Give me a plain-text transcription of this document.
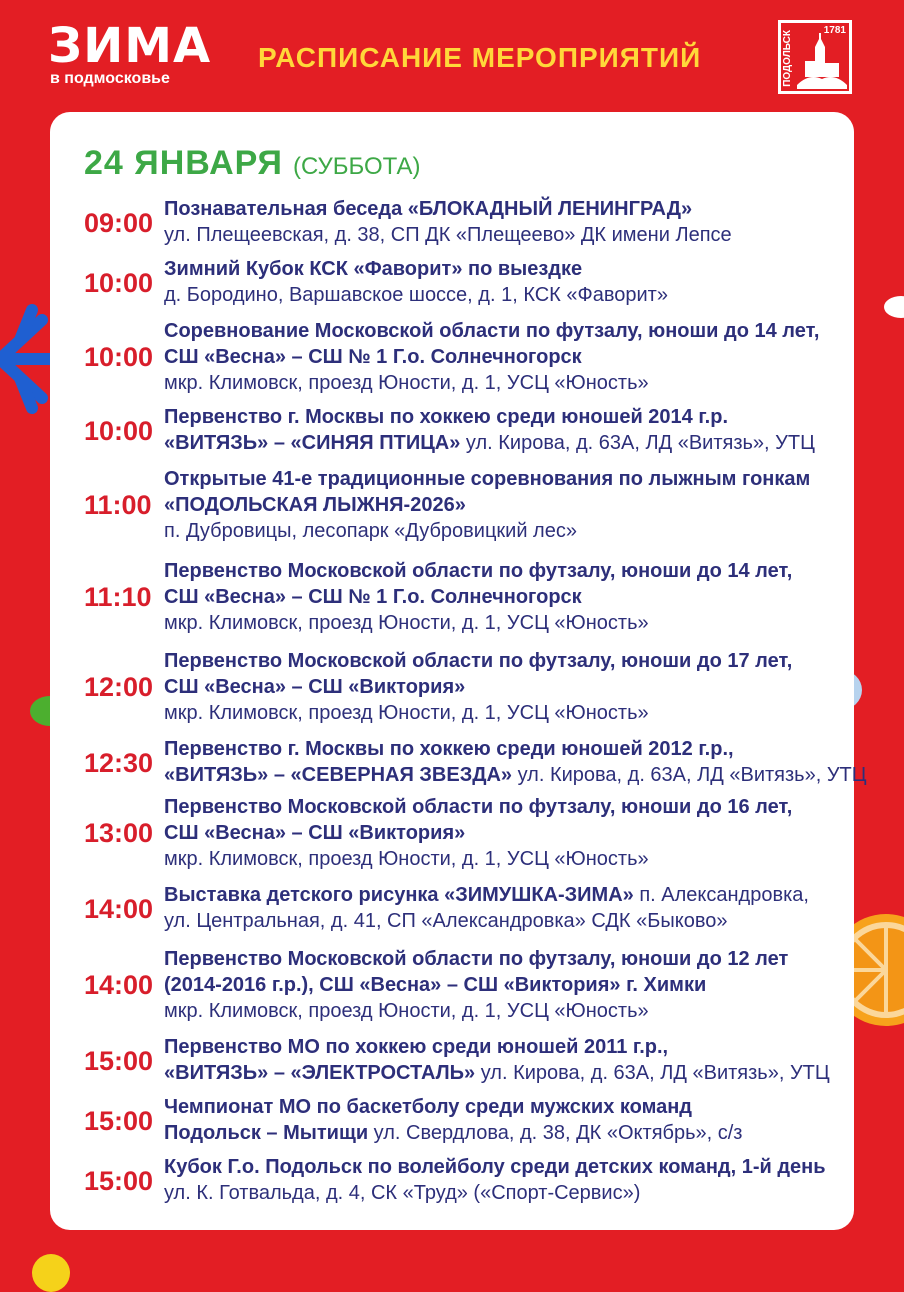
ЗИМА
в подмосковье
РАСПИСАНИЕ МЕРОПРИЯТИЙ	ПОДОЛЬСК	1781
24 ЯНВАРЯ (СУББОТА)
09:00 Познавательная беседа «БЛОКАДНЫЙ ЛЕНИНГРАД»
ул. Плещеевская, д. 38, СП ДК «Плещеево» ДК имени Лепсе
10:00 Зимний Кубок КСК «Фаворит» по выездке
д. Бородино, Варшавское шоссе, д. 1, КСК «Фаворит»
10:00
Соревнование Московской области по футзалу, юноши до 14 лет,
СШ «Весна» – СШ № 1 Г.о. Солнечногорск
мкр. Климовск, проезд Юности, д. 1, УСЦ «Юность»
10:00 Первенство г. Москвы по хоккею среди юношей 2014 г.р.
«ВИТЯЗЬ» – «СИНЯЯ ПТИЦА» ул. Кирова, д. 63А, ЛД «Витязь», УТЦ
11:00
Открытые 41-е традиционные соревнования по лыжным гонкам
«ПОДОЛЬСКАЯ ЛЫЖНЯ-2026»
п. Дубровицы, лесопарк «Дубровицкий лес»
11:10
Первенство Московской области по футзалу, юноши до 14 лет,
СШ «Весна» – СШ № 1 Г.о. Солнечногорск
мкр. Климовск, проезд Юности, д. 1, УСЦ «Юность»
12:00
Первенство Московской области по футзалу, юноши до 17 лет,
СШ «Весна» – СШ «Виктория»
мкр. Климовск, проезд Юности, д. 1, УСЦ «Юность»
12:30 Первенство г. Москвы по хоккею среди юношей 2012 г.р.,
«ВИТЯЗЬ» – «СЕВЕРНАЯ ЗВЕЗДА» ул. Кирова, д. 63А, ЛД «Витязь», УТЦ
13:00
Первенство Московской области по футзалу, юноши до 16 лет,
СШ «Весна» – СШ «Виктория»
мкр. Климовск, проезд Юности, д. 1, УСЦ «Юность»
14:00 Выставка детского рисунка «ЗИМУШКА-ЗИМА» п. Александровка,
ул. Центральная, д. 41, СП «Александровка» СДК «Быково»
14:00
Первенство Московской области по футзалу, юноши до 12 лет
(2014-2016 г.р.), СШ «Весна» – СШ «Виктория» г. Химки
мкр. Климовск, проезд Юности, д. 1, УСЦ «Юность»
15:00 Первенство МО по хоккею среди юношей 2011 г.р.,
«ВИТЯЗЬ» – «ЭЛЕКТРОСТАЛЬ» ул. Кирова, д. 63А, ЛД «Витязь», УТЦ
15:00 Чемпионат МО по баскетболу среди мужских команд
Подольск – Мытищи ул. Свердлова, д. 38, ДК «Октябрь», с/з
15:00 Кубок Г.о. Подольск по волейболу среди детских команд, 1-й день
ул. К. Готвальда, д. 4, СК «Труд» («Спорт-Сервис»)
